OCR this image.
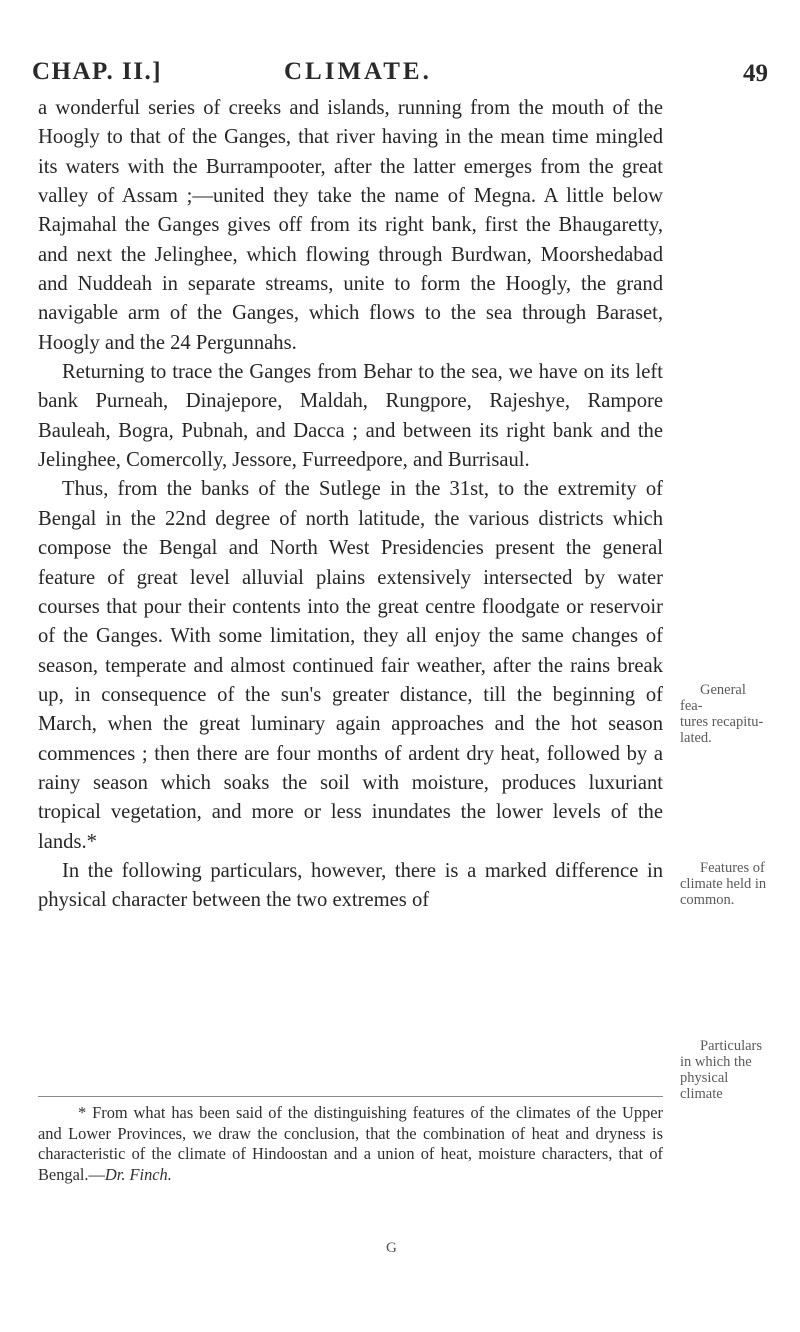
CHAP. II.]	CLIMATE.	49

a wonderful series of creeks and islands, running from the mouth of the Hoogly to that of the Ganges, that river having in the mean time mingled its waters with the Burrampooter, after the latter emerges from the great valley of Assam ;—united they take the name of Megna. A little below Rajmahal the Ganges gives off from its right bank, first the Bhaugaretty, and next the Jelinghee, which flowing through Burdwan, Moorshedabad and Nuddeah in separate streams, unite to form the Hoogly, the grand navigable arm of the Ganges, which flows to the sea through Baraset, Hoogly and the 24 Pergunnahs.

Returning to trace the Ganges from Behar to the sea, we have on its left bank Purneah, Dinajepore, Maldah, Rungpore, Rajeshye, Rampore Bauleah, Bogra, Pubnah, and Dacca ; and between its right bank and the Jelinghee, Comercolly, Jessore, Furreedpore, and Burrisaul.

Thus, from the banks of the Sutlege in the 31st, to the extremity of Bengal in the 22nd degree of north latitude, the various districts which compose the Bengal and North West Presidencies present the general feature of great level alluvial plains extensively intersected by water courses that pour their contents into the great centre floodgate or reservoir of the Ganges. With some limitation, they all enjoy the same changes of season, temperate and almost continued fair weather, after the rains break up, in consequence of the sun's greater distance, till the beginning of March, when the great luminary again approaches and the hot season commences ; then there are four months of ardent dry heat, followed by a rainy season which soaks the soil with moisture, produces luxuriant tropical vegetation, and more or less inundates the lower levels of the lands.*

In the following particulars, however, there is a marked difference in physical character between the two extremes of

General fea-
tures recapitu- lated.
Features of
climate held in common.
Particulars
in which the physical climate

* From what has been said of the distinguishing features of the climates of the Upper and Lower Provinces, we draw the conclusion, that the combination of heat and dryness is characteristic of the climate of Hindoostan and a union of heat, moisture characters, that of Bengal.—Dr. Finch.

G
